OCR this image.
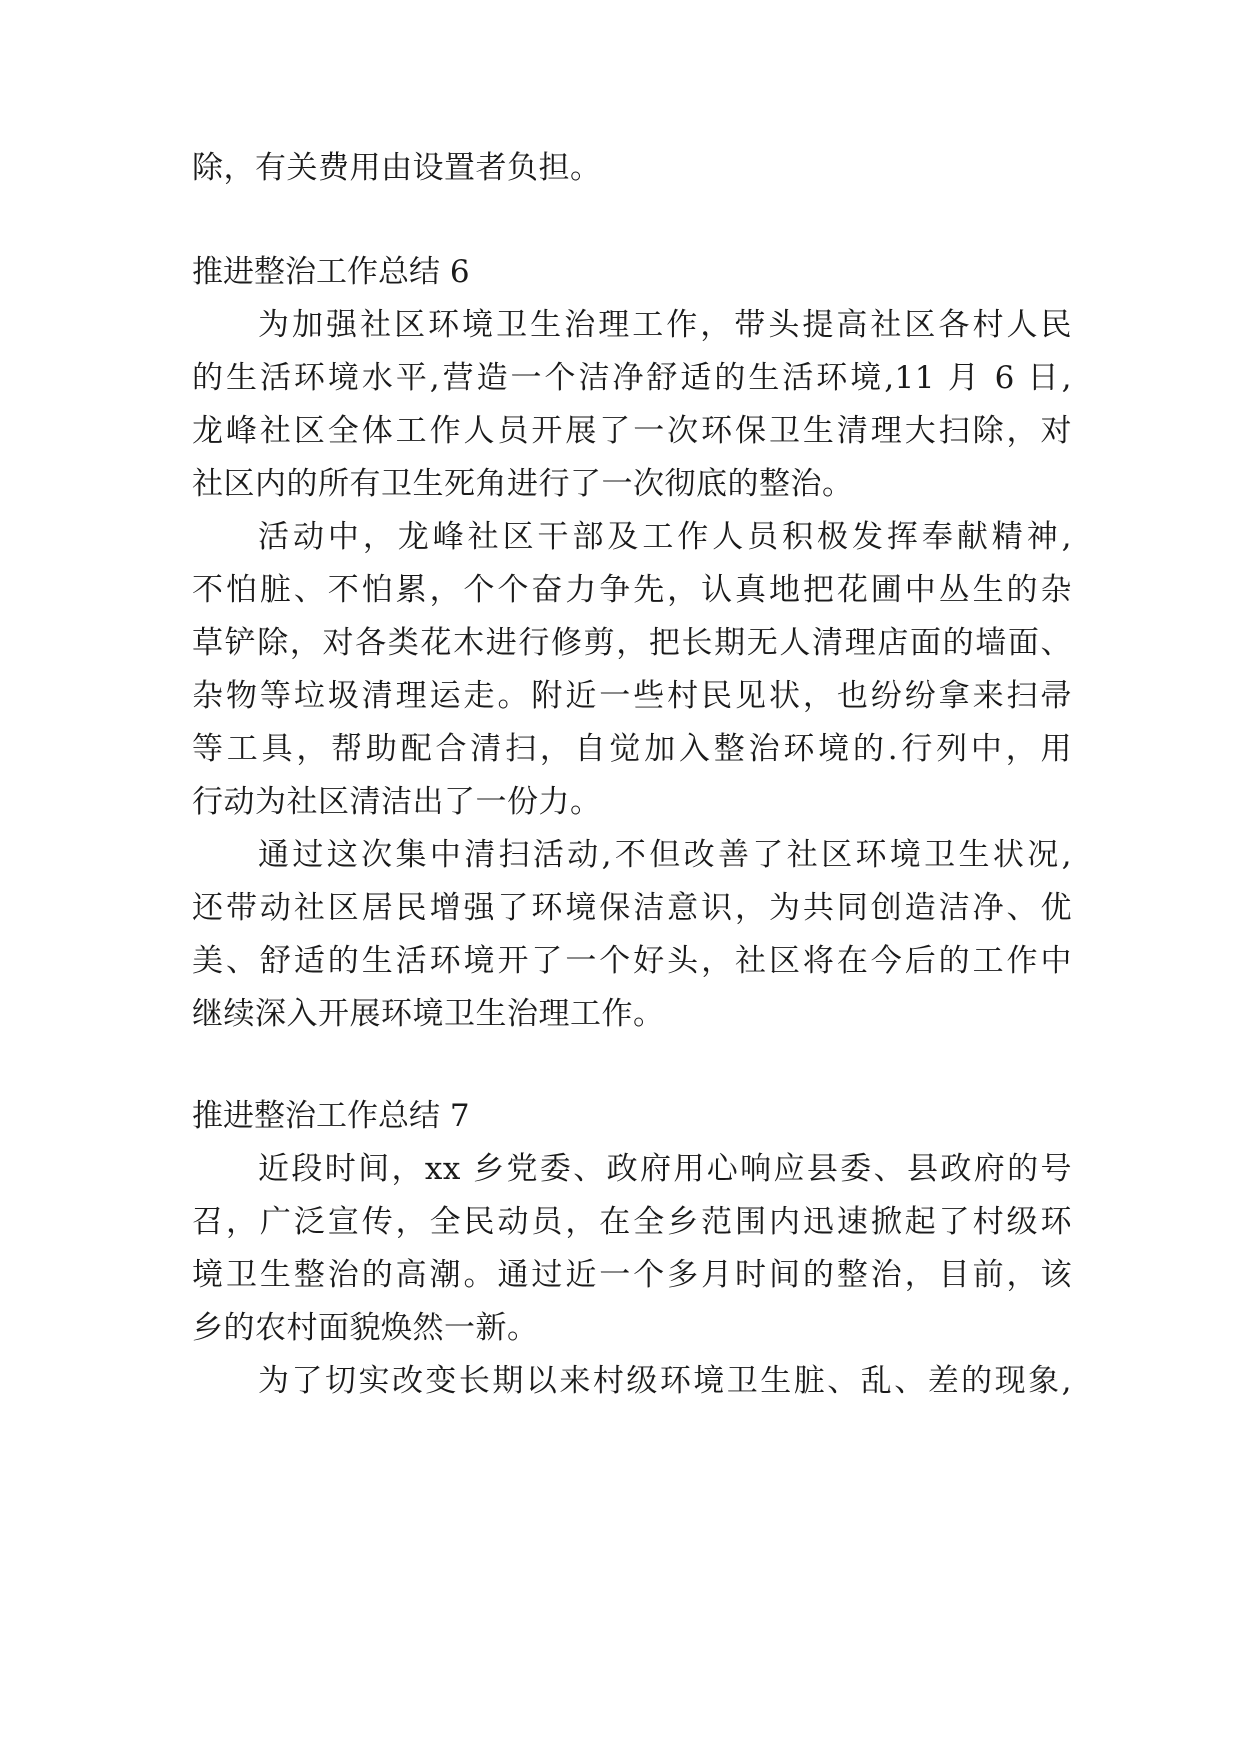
除，有关费用由设置者负担。
推进整治工作总结 6
为加强社区环境卫生治理工作，带头提高社区各村人民
的生活环境水平,营造一个洁净舒适的生活环境,11 月 6 日,
龙峰社区全体工作人员开展了一次环保卫生清理大扫除，对
社区内的所有卫生死角进行了一次彻底的整治。
活动中，龙峰社区干部及工作人员积极发挥奉献精神,
不怕脏、不怕累，个个奋力争先，认真地把花圃中丛生的杂
草铲除，对各类花木进行修剪，把长期无人清理店面的墙面、
杂物等垃圾清理运走。附近一些村民见状，也纷纷拿来扫帚
等工具，帮助配合清扫，自觉加入整治环境的.行列中，用
行动为社区清洁出了一份力。
通过这次集中清扫活动,不但改善了社区环境卫生状况,
还带动社区居民增强了环境保洁意识，为共同创造洁净、优
美、舒适的生活环境开了一个好头，社区将在今后的工作中
继续深入开展环境卫生治理工作。
推进整治工作总结 7
近段时间，xx 乡党委、政府用心响应县委、县政府的号
召，广泛宣传，全民动员，在全乡范围内迅速掀起了村级环
境卫生整治的高潮。通过近一个多月时间的整治，目前，该
乡的农村面貌焕然一新。
为了切实改变长期以来村级环境卫生脏、乱、差的现象,
